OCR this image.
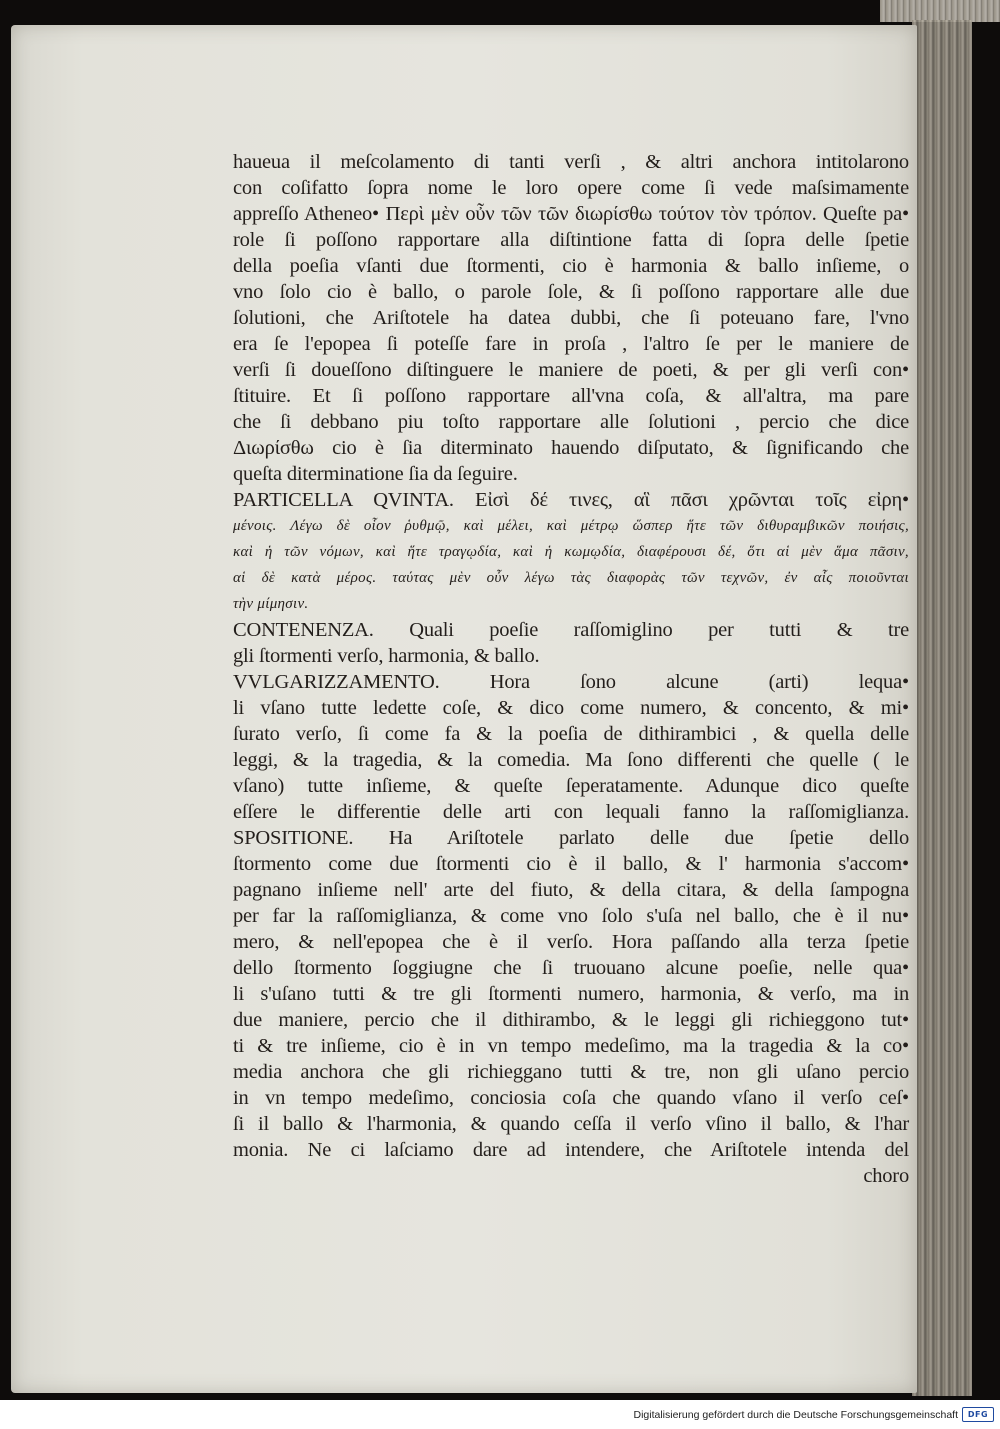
haueua il meſcolamento di tanti verſi , & altri anchora intitolarono
con coſifatto ſopra nome le loro opere come ſi vede maſsimamente
appreſſo Atheneo• Περὶ μὲν οὖν τῶν τῶν διωρίσθω τούτον τὸν τρόπον. Queſte pa•
role ſi poſſono rapportare alla diſtintione fatta di ſopra delle ſpetie
della poeſia vſanti due ſtormenti, cio è harmonia & ballo inſieme, o
vno ſolo cio è ballo, o parole ſole, & ſi poſſono rapportare alle due
ſolutioni, che Ariſtotele ha datea dubbi, che ſi poteuano fare, l'vno
era ſe l'epopea ſi poteſſe fare in proſa , l'altro ſe per le maniere de
verſi ſi doueſſono diſtinguere le maniere de poeti, & per gli verſi con•
ſtituire. Et ſi poſſono rapportare all'vna coſa, & all'altra, ma pare
che ſi debbano piu toſto rapportare alle ſolutioni , percio che dice
Διωρίσθω cio è ſia diterminato hauendo diſputato, & ſignificando che
queſta diterminatione ſia da ſeguire.
PARTICELLA QVINTA. Εἰσὶ δέ τινες, αἳ πᾶσι χρῶνται τοῖς εἰρη•
μένοις. Λέγω δὲ οἷον ῥυθμῷ, καὶ μέλει, καὶ μέτρῳ ὥσπερ ἥτε τῶν διθυραμβικῶν ποιήσις,
καὶ ἡ τῶν νόμων, καὶ ἥτε τραγῳδία, καὶ ἡ κωμῳδία, διαφέρουσι δέ, ὅτι αἱ μὲν ἅμα πᾶσιν,
αἱ δὲ κατὰ μέρος. ταύτας μὲν οὖν λέγω τὰς διαφορὰς τῶν τεχνῶν, ἐν αἷς ποιοῦνται
τὴν μίμησιν.
CONTENENZA. Quali poeſie raſſomiglino per tutti & tre
gli ſtormenti verſo, harmonia, & ballo.
VVLGARIZZAMENTO. Hora ſono alcune (arti) lequa•
li vſano tutte ledette coſe, & dico come numero, & concento, & mi•
ſurato verſo, ſi come fa & la poeſia de dithirambici , & quella delle
leggi, & la tragedia, & la comedia. Ma ſono differenti che quelle ( le
vſano) tutte inſieme, & queſte ſeperatamente. Adunque dico queſte
eſſere le differentie delle arti con lequali fanno la raſſomiglianza.
SPOSITIONE. Ha Ariſtotele parlato delle due ſpetie dello
ſtormento come due ſtormenti cio è il ballo, & l' harmonia s'accom•
pagnano inſieme nell' arte del fiuto, & della citara, & della ſampogna
per far la raſſomiglianza, & come vno ſolo s'uſa nel ballo, che è il nu•
mero, & nell'epopea che è il verſo. Hora paſſando alla terza ſpetie
dello ſtormento ſoggiugne che ſi truouano alcune poeſie, nelle qua•
li s'uſano tutti & tre gli ſtormenti numero, harmonia, & verſo, ma in
due maniere, percio che il dithirambo, & le leggi gli richieggono tut•
ti & tre inſieme, cio è in vn tempo medeſimo, ma la tragedia & la co•
media anchora che gli richieggano tutti & tre, non gli uſano percio
in vn tempo medeſimo, conciosia coſa che quando vſano il verſo ceſ•
ſi il ballo & l'harmonia, & quando ceſſa il verſo vſino il ballo, & l'har
monia. Ne ci laſciamo dare ad intendere, che Ariſtotele intenda del
choro
Digitalisierung gefördert durch die Deutsche Forschungsgemeinschaft	DFG
